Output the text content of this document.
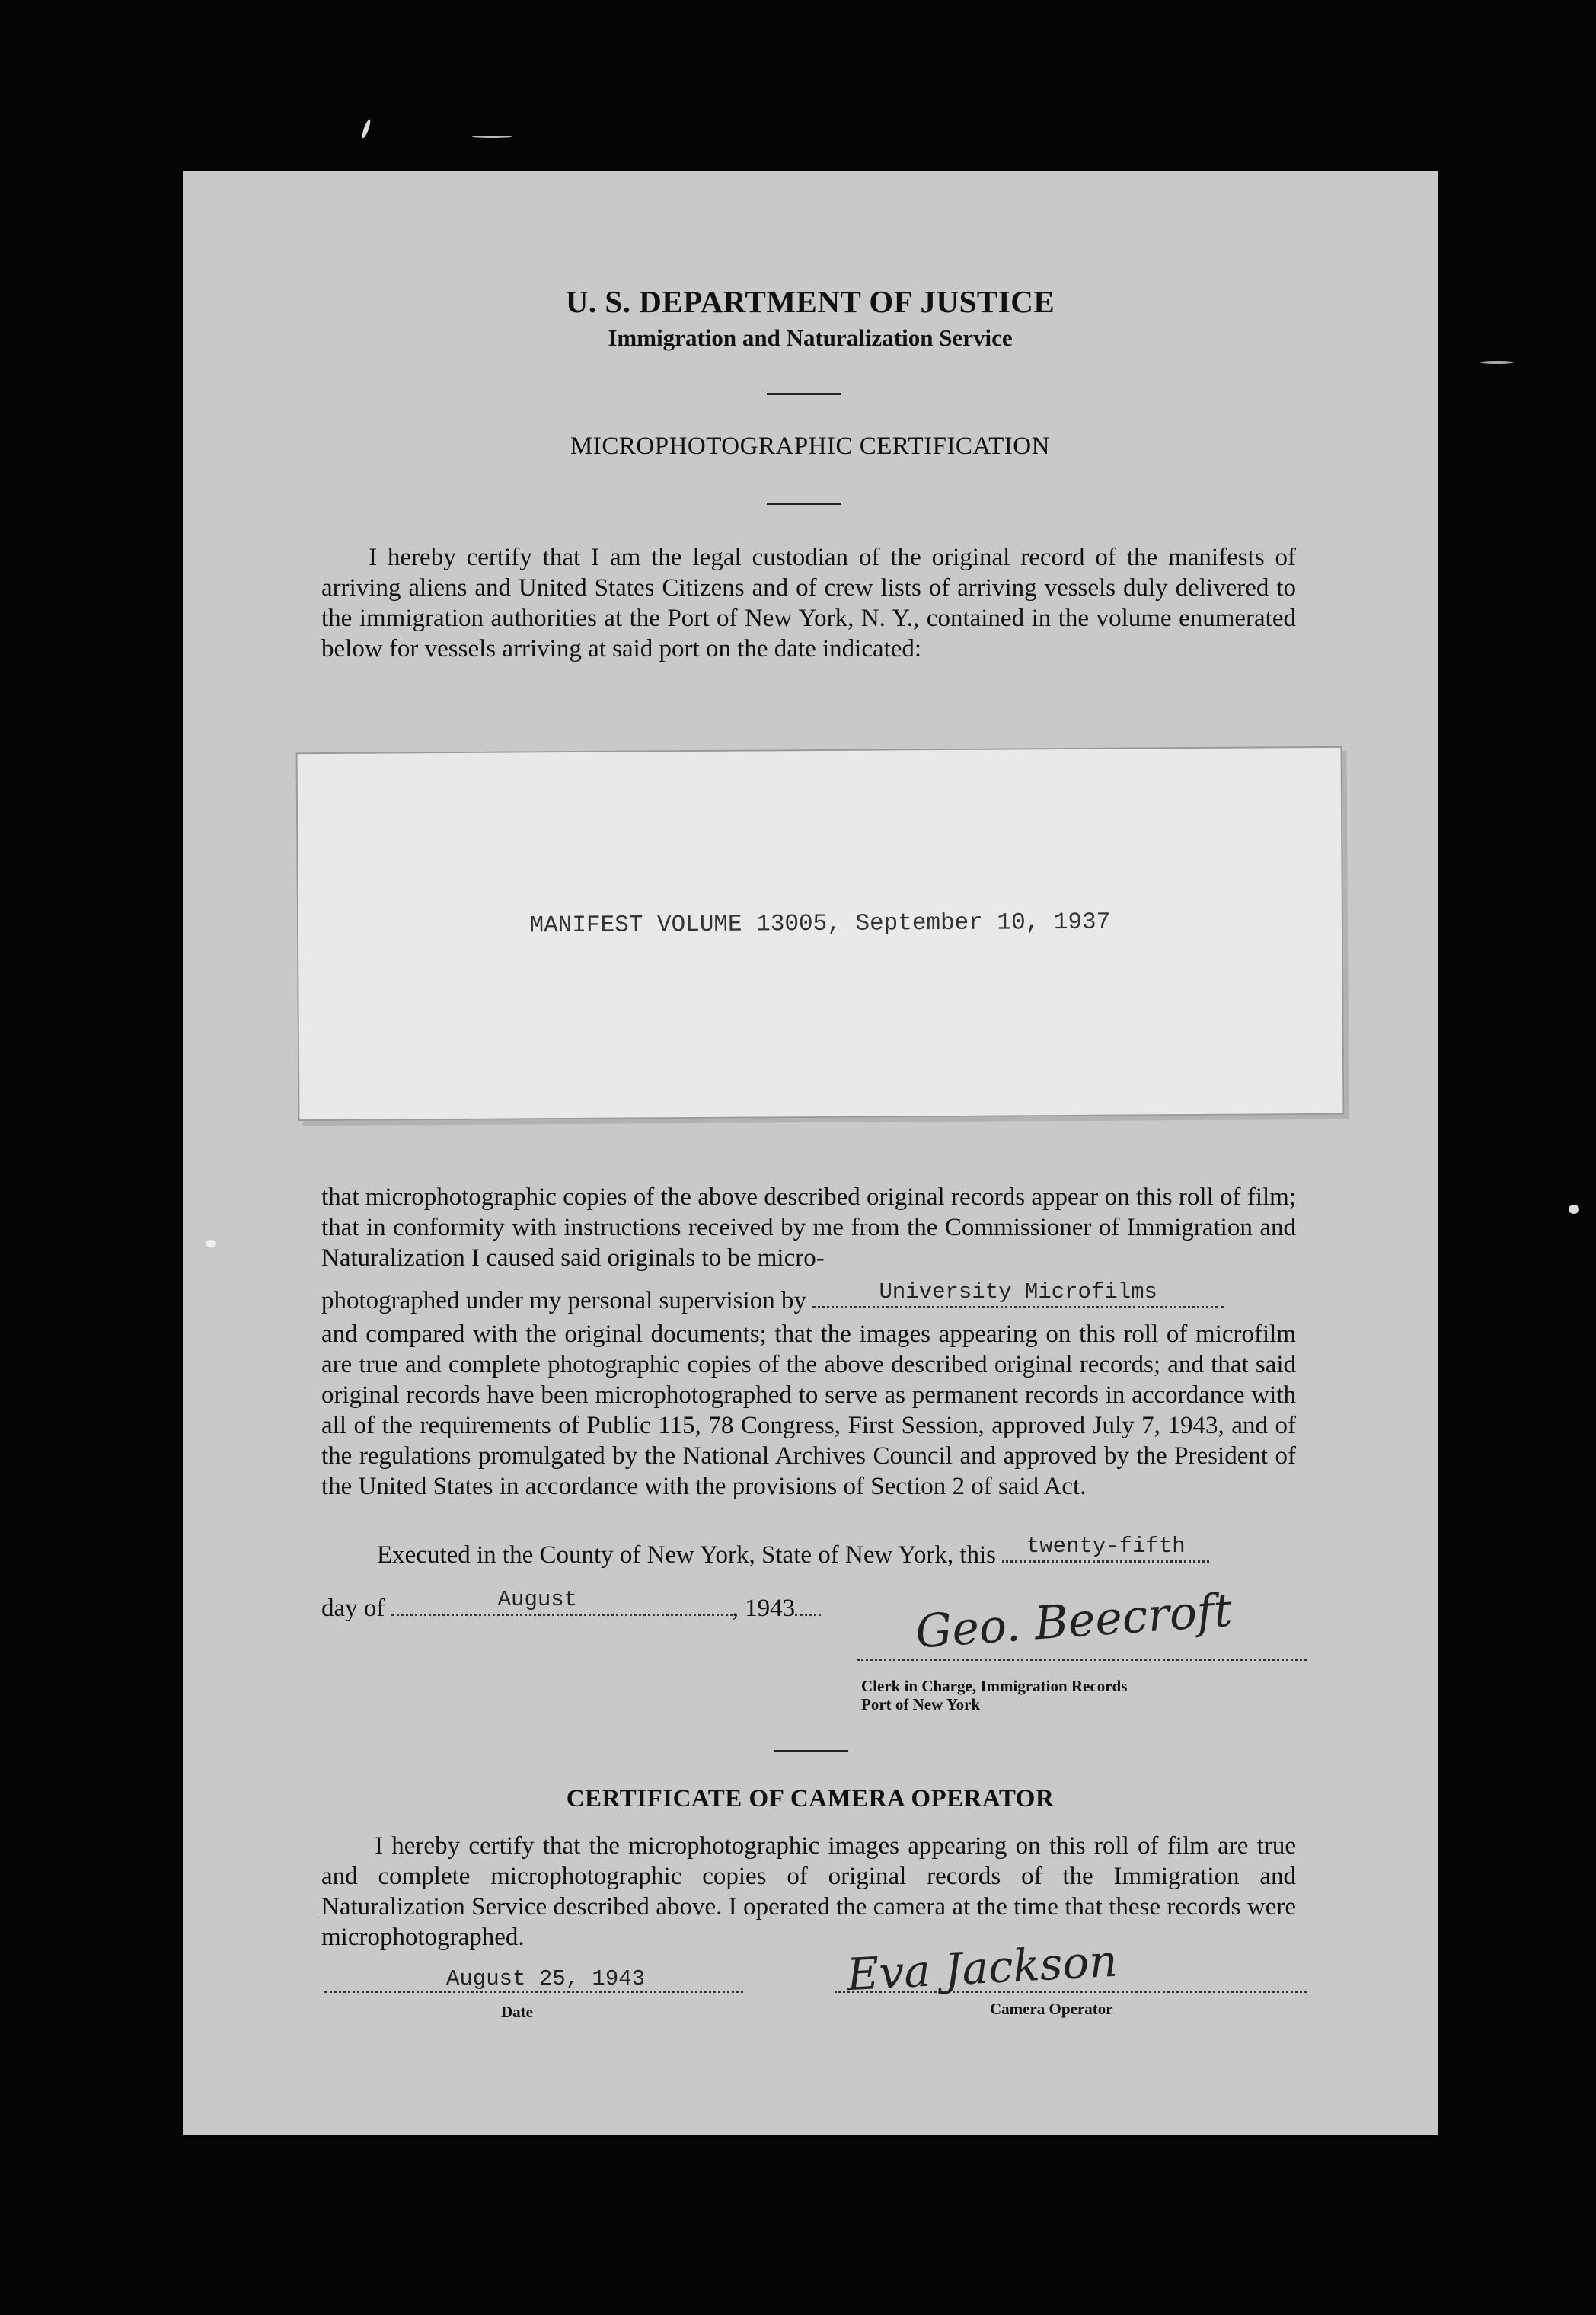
U. S. DEPARTMENT OF JUSTICE
Immigration and Naturalization Service
MICROPHOTOGRAPHIC CERTIFICATION
I hereby certify that I am the legal custodian of the original record of the manifests of arriving aliens and United States Citizens and of crew lists of arriving vessels duly delivered to the immigration authorities at the Port of New York, N. Y., contained in the volume enumerated below for vessels arriving at said port on the date indicated:
MANIFEST VOLUME 13005, September 10, 1937
that microphotographic copies of the above described original records appear on this roll of film; that in conformity with instructions received by me from the Commissioner of Immigration and Naturalization I caused said originals to be micro-
photographed under my personal supervision by	University Microfilms
and compared with the original documents; that the images appearing on this roll of microfilm are true and complete photographic copies of the above described original records; and that said original records have been microphotographed to serve as permanent records in accordance with all of the requirements of Public 115, 78 Congress, First Session, approved July 7, 1943, and of the regulations promulgated by the National Archives Council and approved by the President of the United States in accordance with the provisions of Section 2 of said Act.
Executed in the County of New York, State of New York, this	twenty-fifth
day of	August	, 1943	Geo. Beecroft
Clerk in Charge, Immigration Records
Port of New York
CERTIFICATE OF CAMERA OPERATOR
I hereby certify that the microphotographic images appearing on this roll of film are true and complete microphotographic copies of original records of the Immigration and Naturalization Service described above. I operated the camera at the time that these records were microphotographed.
August 25, 1943
Date
Eva Jackson
Camera Operator
